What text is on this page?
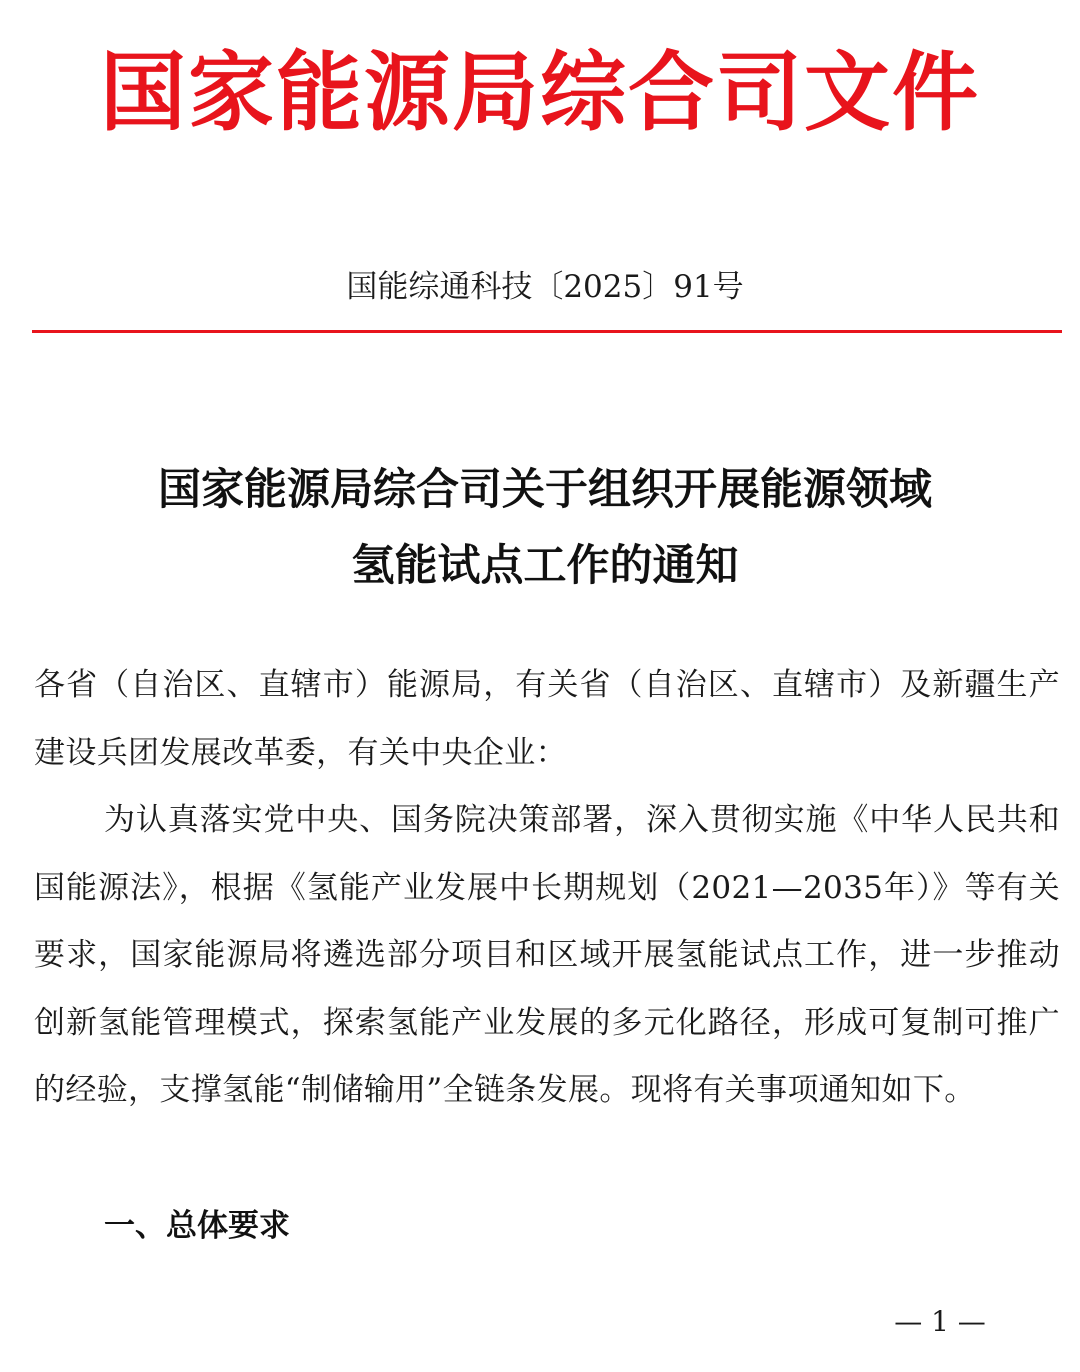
国家能源局综合司文件
国能综通科技〔2025〕91号
国家能源局综合司关于组织开展能源领域
氢能试点工作的通知

各省（自治区、直辖市）能源局，有关省（自治区、直辖市）及新疆生产建设兵团发展改革委，有关中央企业：

为认真落实党中央、国务院决策部署，深入贯彻实施《中华人民共和国能源法》，根据《氢能产业发展中长期规划（2021—2035年）》等有关要求，国家能源局将遴选部分项目和区域开展氢能试点工作，进一步推动创新氢能管理模式，探索氢能产业发展的多元化路径，形成可复制可推广的经验，支撑氢能“制储输用”全链条发展。现将有关事项通知如下。

一、总体要求
— 1 —
